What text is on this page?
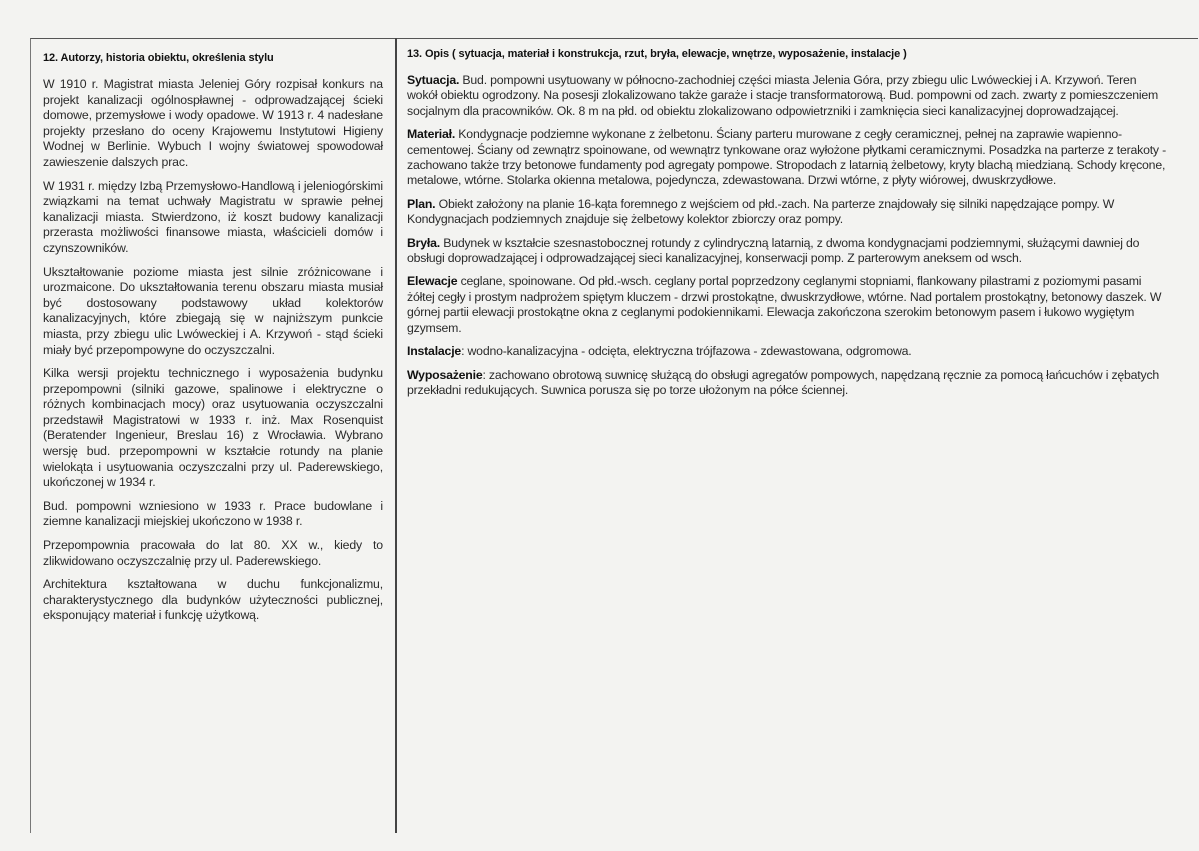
12. Autorzy, historia obiektu, określenia stylu

W 1910 r. Magistrat miasta Jeleniej Góry rozpisał konkurs na projekt kanalizacji ogólnospławnej - odprowadzającej ścieki domowe, przemysłowe i wody opadowe. W 1913 r. 4 nadesłane projekty przesłano do oceny Krajowemu Instytutowi Higieny Wodnej w Berlinie. Wybuch I wojny światowej spowodował zawieszenie dalszych prac.

W 1931 r. między Izbą Przemysłowo-Handlową i jeleniogórskimi związkami na temat uchwały Magistratu w sprawie pełnej kanalizacji miasta. Stwierdzono, iż koszt budowy kanalizacji przerasta możliwości finansowe miasta, właścicieli domów i czynszowników.

Ukształtowanie poziome miasta jest silnie zróżnicowane i urozmaicone. Do ukształtowania terenu obszaru miasta musiał być dostosowany podstawowy układ kolektorów kanalizacyjnych, które zbiegają się w najniższym punkcie miasta, przy zbiegu ulic Lwóweckiej i A. Krzywoń - stąd ścieki miały być przepompowyne do oczyszczalni.

Kilka wersji projektu technicznego i wyposażenia budynku przepompowni (silniki gazowe, spalinowe i elektryczne o różnych kombinacjach mocy) oraz usytuowania oczyszczalni przedstawił Magistratowi w 1933 r. inż. Max Rosenquist (Beratender Ingenieur, Breslau 16) z Wrocławia. Wybrano wersję bud. przepompowni w kształcie rotundy na planie wielokąta i usytuowania oczyszczalni przy ul. Paderewskiego, ukończonej w 1934 r.

Bud. pompowni wzniesiono w 1933 r. Prace budowlane i ziemne kanalizacji miejskiej ukończono w 1938 r.

Przepompownia pracowała do lat 80. XX w., kiedy to zlikwidowano oczyszczalnię przy ul. Paderewskiego.

Architektura kształtowana w duchu funkcjonalizmu, charakterystycznego dla budynków użyteczności publicznej, eksponujący materiał i funkcję użytkową.

13. Opis ( sytuacja, materiał i konstrukcja, rzut, bryła, elewacje, wnętrze, wyposażenie, instalacje )

Sytuacja. Bud. pompowni usytuowany w północno-zachodniej części miasta Jelenia Góra, przy zbiegu ulic Lwóweckiej i A. Krzywoń. Teren wokół obiektu ogrodzony. Na posesji zlokalizowano także garaże i stacje transformatorową. Bud. pompowni od zach. zwarty z pomieszczeniem socjalnym dla pracowników. Ok. 8 m na płd. od obiektu zlokalizowano odpowietrzniki i zamknięcia sieci kanalizacyjnej doprowadzającej.

Materiał. Kondygnacje podziemne wykonane z żelbetonu. Ściany parteru murowane z cegły ceramicznej, pełnej na zaprawie wapienno-cementowej. Ściany od zewnątrz spoinowane, od wewnątrz tynkowane oraz wyłożone płytkami ceramicznymi. Posadzka na parterze z terakoty - zachowano także trzy betonowe fundamenty pod agregaty pompowe. Stropodach z latarnią żelbetowy, kryty blachą miedzianą. Schody kręcone, metalowe, wtórne. Stolarka okienna metalowa, pojedyncza, zdewastowana. Drzwi wtórne, z płyty wiórowej, dwuskrzydłowe.

Plan. Obiekt założony na planie 16-kąta foremnego z wejściem od płd.-zach. Na parterze znajdowały się silniki napędzające pompy. W Kondygnacjach podziemnych znajduje się żelbetowy kolektor zbiorczy oraz pompy.

Bryła. Budynek w kształcie szesnastobocznej rotundy z cylindryczną latarnią, z dwoma kondygnacjami podziemnymi, służącymi dawniej do obsługi doprowadzającej i odprowadzającej sieci kanalizacyjnej, konserwacji pomp. Z parterowym aneksem od wsch.

Elewacje ceglane, spoinowane. Od płd.-wsch. ceglany portal poprzedzony ceglanymi stopniami, flankowany pilastrami z poziomymi pasami żółtej cegły i prostym nadprożem spiętym kluczem - drzwi prostokątne, dwuskrzydłowe, wtórne. Nad portalem prostokątny, betonowy daszek. W górnej partii elewacji prostokątne okna z ceglanymi podokiennikami. Elewacja zakończona szerokim betonowym pasem i łukowo wygiętym gzymsem.

Instalacje: wodno-kanalizacyjna - odcięta, elektryczna trójfazowa - zdewastowana, odgromowa.

Wyposażenie: zachowano obrotową suwnicę służącą do obsługi agregatów pompowych, napędzaną ręcznie za pomocą łańcuchów i zębatych przekładni redukujących. Suwnica porusza się po torze ułożonym na półce ściennej.
